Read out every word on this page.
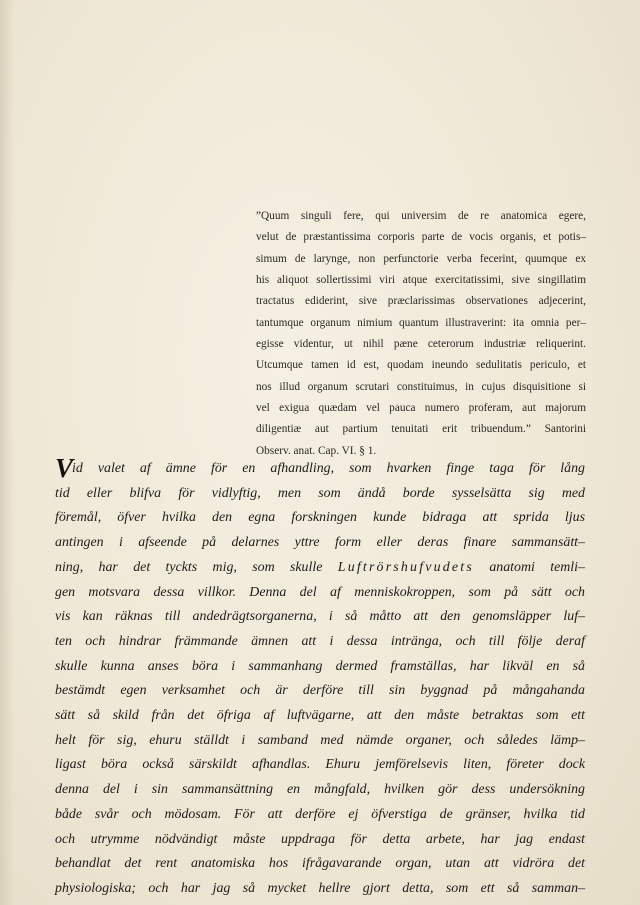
”Quum singuli fere, qui universim de re anatomica egere,
velut de præstantissima corporis parte de vocis organis, et potis–
simum de larynge, non perfunctorie verba fecerint, quumque ex
his aliquot sollertissimi viri atque exercitatissimi, sive singillatim
tractatus ediderint, sive præclarissimas observationes adjecerint,
tantumque organum nimium quantum illustraverint: ita omnia per–
egisse videntur, ut nihil pæne ceterorum industriæ reliquerint.
Utcumque tamen id est, quodam ineundo sedulitatis periculo, et
nos illud organum scrutari constituimus, in cujus disquisitione si
vel exigua quædam vel pauca numero proferam, aut majorum
diligentiæ aut partium tenuitati erit tribuendum.” Santorini
Observ. anat. Cap. VI. § 1.
V
id valet af ämne för en afhandling, som hvarken finge taga för lång
tid eller blifva för vidlyftig, men som ändå borde sysselsätta sig med
föremål, öfver hvilka den egna forskningen kunde bidraga att sprida ljus
antingen i afseende på delarnes yttre form eller deras finare sammansätt–
ning, har det tyckts mig, som skulle Luftrörshufvudets anatomi temli–
gen motsvara dessa villkor. Denna del af menniskokroppen, som på sätt och
vis kan räknas till andedrägtsorganerna, i så måtto att den genomsläpper luf–
ten och hindrar främmande ämnen att i dessa intränga, och till följe deraf
skulle kunna anses böra i sammanhang dermed framställas, har likväl en så
bestämdt egen verksamhet och är derföre till sin byggnad på mångahanda
sätt så skild från det öfriga af luftvägarne, att den måste betraktas som ett
helt för sig, ehuru ställdt i samband med nämde organer, och således lämp–
ligast böra också särskildt afhandlas. Ehuru jemförelsevis liten, företer dock
denna del i sin sammansättning en mångfald, hvilken gör dess undersökning
både svår och mödosam. För att derföre ej öfverstiga de gränser, hvilka tid
och utrymme nödvändigt måste uppdraga för detta arbete, har jag endast
behandlat det rent anatomiska hos ifrågavarande organ, utan att vidröra det
physiologiska; och har jag så mycket hellre gjort detta, som ett så samman–
